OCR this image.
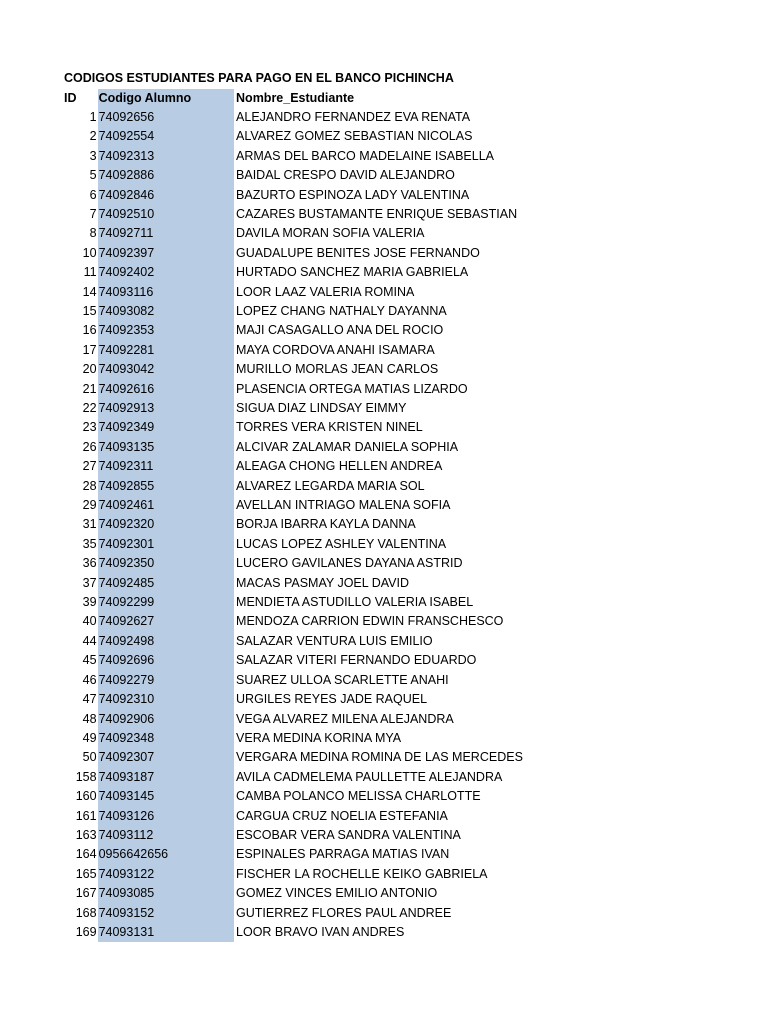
CODIGOS ESTUDIANTES PARA PAGO EN EL BANCO PICHINCHA
ID	Codigo Alumno	Nombre_Estudiante
1	74092656	ALEJANDRO FERNANDEZ EVA RENATA
2	74092554	ALVAREZ GOMEZ SEBASTIAN NICOLAS
3	74092313	ARMAS DEL BARCO MADELAINE ISABELLA
5	74092886	BAIDAL CRESPO DAVID ALEJANDRO
6	74092846	BAZURTO ESPINOZA LADY VALENTINA
7	74092510	CAZARES BUSTAMANTE ENRIQUE SEBASTIAN
8	74092711	DAVILA MORAN SOFIA VALERIA
10	74092397	GUADALUPE BENITES JOSE FERNANDO
11	74092402	HURTADO SANCHEZ MARIA GABRIELA
14	74093116	LOOR LAAZ VALERIA ROMINA
15	74093082	LOPEZ CHANG NATHALY DAYANNA
16	74092353	MAJI CASAGALLO ANA DEL ROCIO
17	74092281	MAYA CORDOVA ANAHI ISAMARA
20	74093042	MURILLO MORLAS JEAN CARLOS
21	74092616	PLASENCIA ORTEGA MATIAS LIZARDO
22	74092913	SIGUA DIAZ LINDSAY EIMMY
23	74092349	TORRES VERA KRISTEN NINEL
26	74093135	ALCIVAR ZALAMAR DANIELA SOPHIA
27	74092311	ALEAGA CHONG HELLEN ANDREA
28	74092855	ALVAREZ LEGARDA MARIA SOL
29	74092461	AVELLAN INTRIAGO MALENA SOFIA
31	74092320	BORJA IBARRA KAYLA DANNA
35	74092301	LUCAS LOPEZ ASHLEY VALENTINA
36	74092350	LUCERO GAVILANES DAYANA ASTRID
37	74092485	MACAS PASMAY JOEL DAVID
39	74092299	MENDIETA ASTUDILLO VALERIA ISABEL
40	74092627	MENDOZA CARRION EDWIN FRANSCHESCO
44	74092498	SALAZAR VENTURA LUIS EMILIO
45	74092696	SALAZAR VITERI FERNANDO EDUARDO
46	74092279	SUAREZ ULLOA SCARLETTE ANAHI
47	74092310	URGILES REYES JADE RAQUEL
48	74092906	VEGA ALVAREZ MILENA ALEJANDRA
49	74092348	VERA MEDINA KORINA MYA
50	74092307	VERGARA MEDINA ROMINA DE LAS MERCEDES
158	74093187	AVILA CADMELEMA PAULLETTE ALEJANDRA
160	74093145	CAMBA POLANCO MELISSA CHARLOTTE
161	74093126	CARGUA CRUZ NOELIA ESTEFANIA
163	74093112	ESCOBAR VERA SANDRA VALENTINA
164	0956642656	ESPINALES PARRAGA MATIAS IVAN
165	74093122	FISCHER LA ROCHELLE KEIKO GABRIELA
167	74093085	GOMEZ VINCES EMILIO ANTONIO
168	74093152	GUTIERREZ FLORES PAUL ANDREE
169	74093131	LOOR BRAVO IVAN ANDRES
